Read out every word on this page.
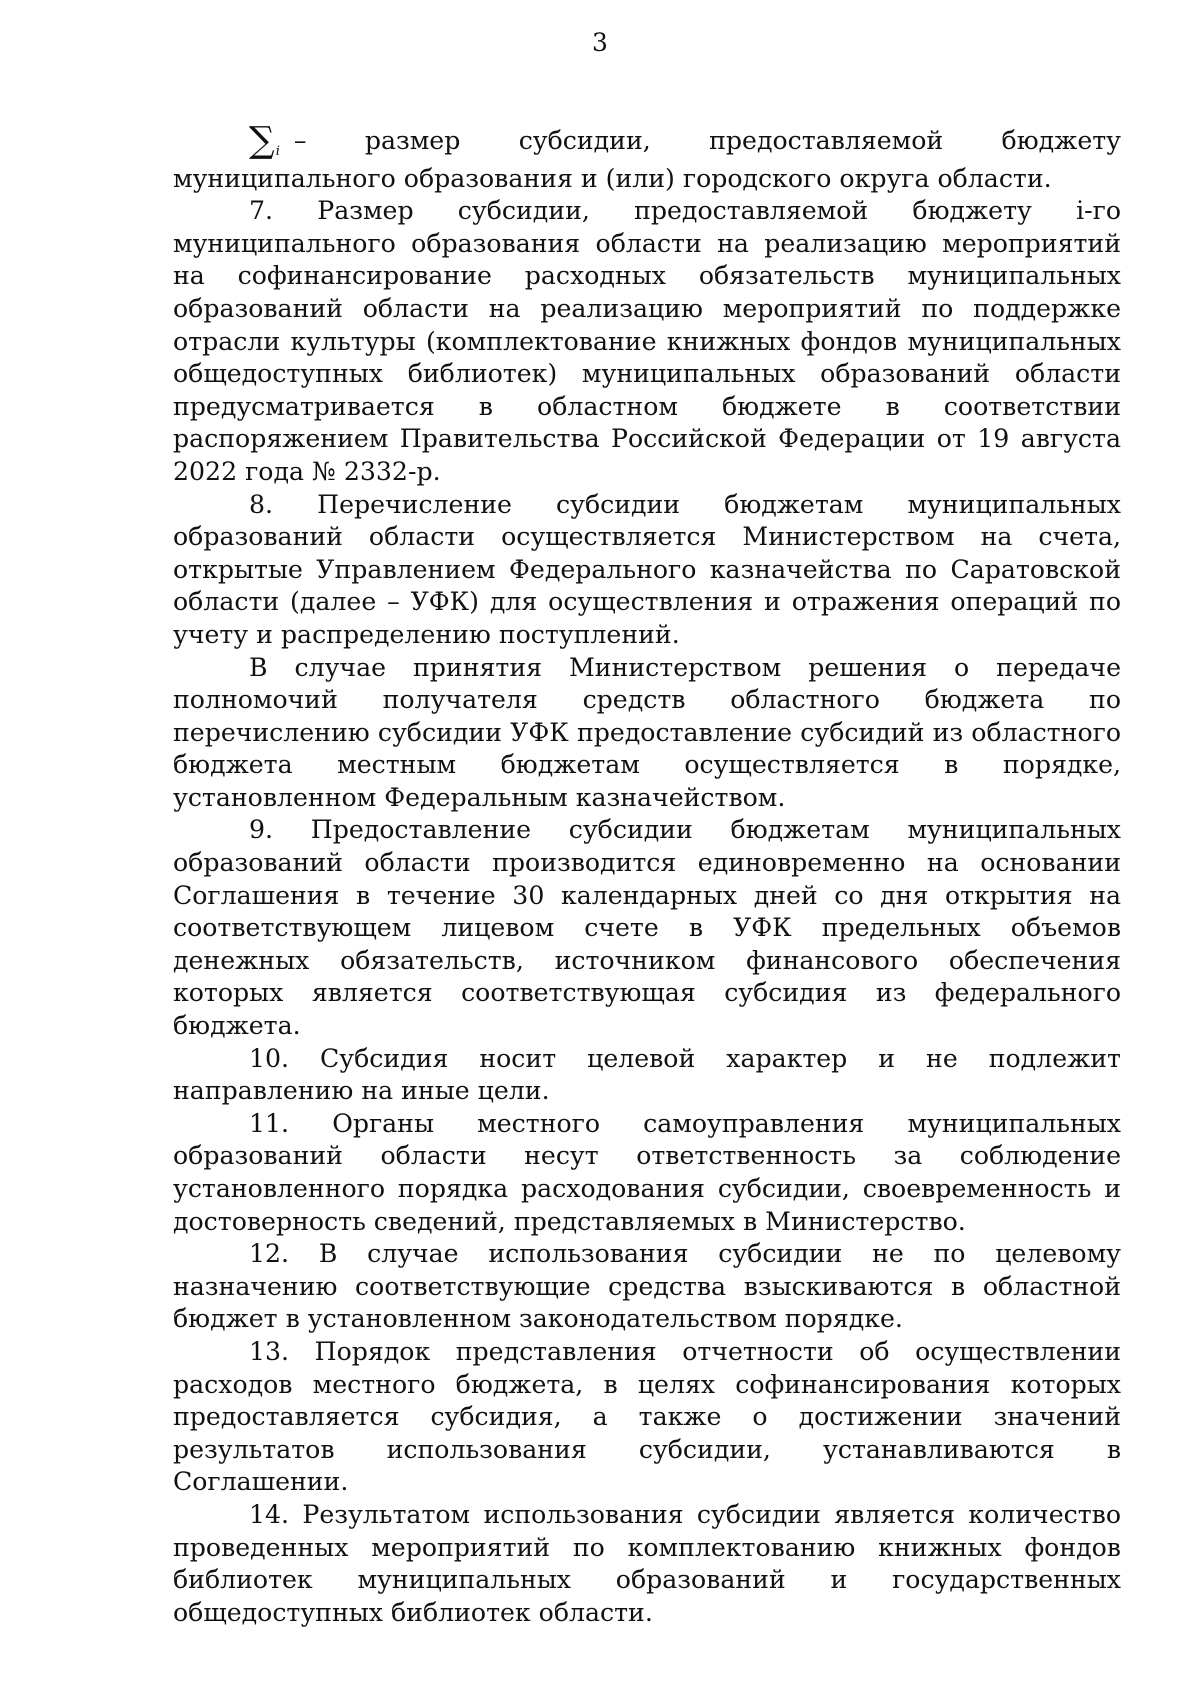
3

$\sum_i$ – размер субсидии, предоставляемой бюджету муниципального образования и (или) городского округа области.

7. Размер субсидии, предоставляемой бюджету i-го муниципального образования области на реализацию мероприятий на софинансирование расходных обязательств муниципальных образований области на реализацию мероприятий по поддержке отрасли культуры (комплектование книжных фондов муниципальных общедоступных библиотек) муниципальных образований области предусматривается в областном бюджете в соответствии распоряжением Правительства Российской Федерации от 19 августа 2022 года № 2332-р.

8. Перечисление субсидии бюджетам муниципальных образований области осуществляется Министерством на счета, открытые Управлением Федерального казначейства по Саратовской области (далее – УФК) для осуществления и отражения операций по учету и распределению поступлений.

В случае принятия Министерством решения о передаче полномочий получателя средств областного бюджета по перечислению субсидии УФК предоставление субсидий из областного бюджета местным бюджетам осуществляется в порядке, установленном Федеральным казначейством.

9. Предоставление субсидии бюджетам муниципальных образований области производится единовременно на основании Соглашения в течение 30 календарных дней со дня открытия на соответствующем лицевом счете в УФК предельных объемов денежных обязательств, источником финансового обеспечения которых является соответствующая субсидия из федерального бюджета.

10. Субсидия носит целевой характер и не подлежит направлению на иные цели.

11. Органы местного самоуправления муниципальных образований области несут ответственность за соблюдение установленного порядка расходования субсидии, своевременность и достоверность сведений, представляемых в Министерство.

12. В случае использования субсидии не по целевому назначению соответствующие средства взыскиваются в областной бюджет в установленном законодательством порядке.

13. Порядок представления отчетности об осуществлении расходов местного бюджета, в целях софинансирования которых предоставляется субсидия, а также о достижении значений результатов использования субсидии, устанавливаются в Соглашении.

14. Результатом использования субсидии является количество проведенных мероприятий по комплектованию книжных фондов библиотек муниципальных образований и государственных общедоступных библиотек области.
